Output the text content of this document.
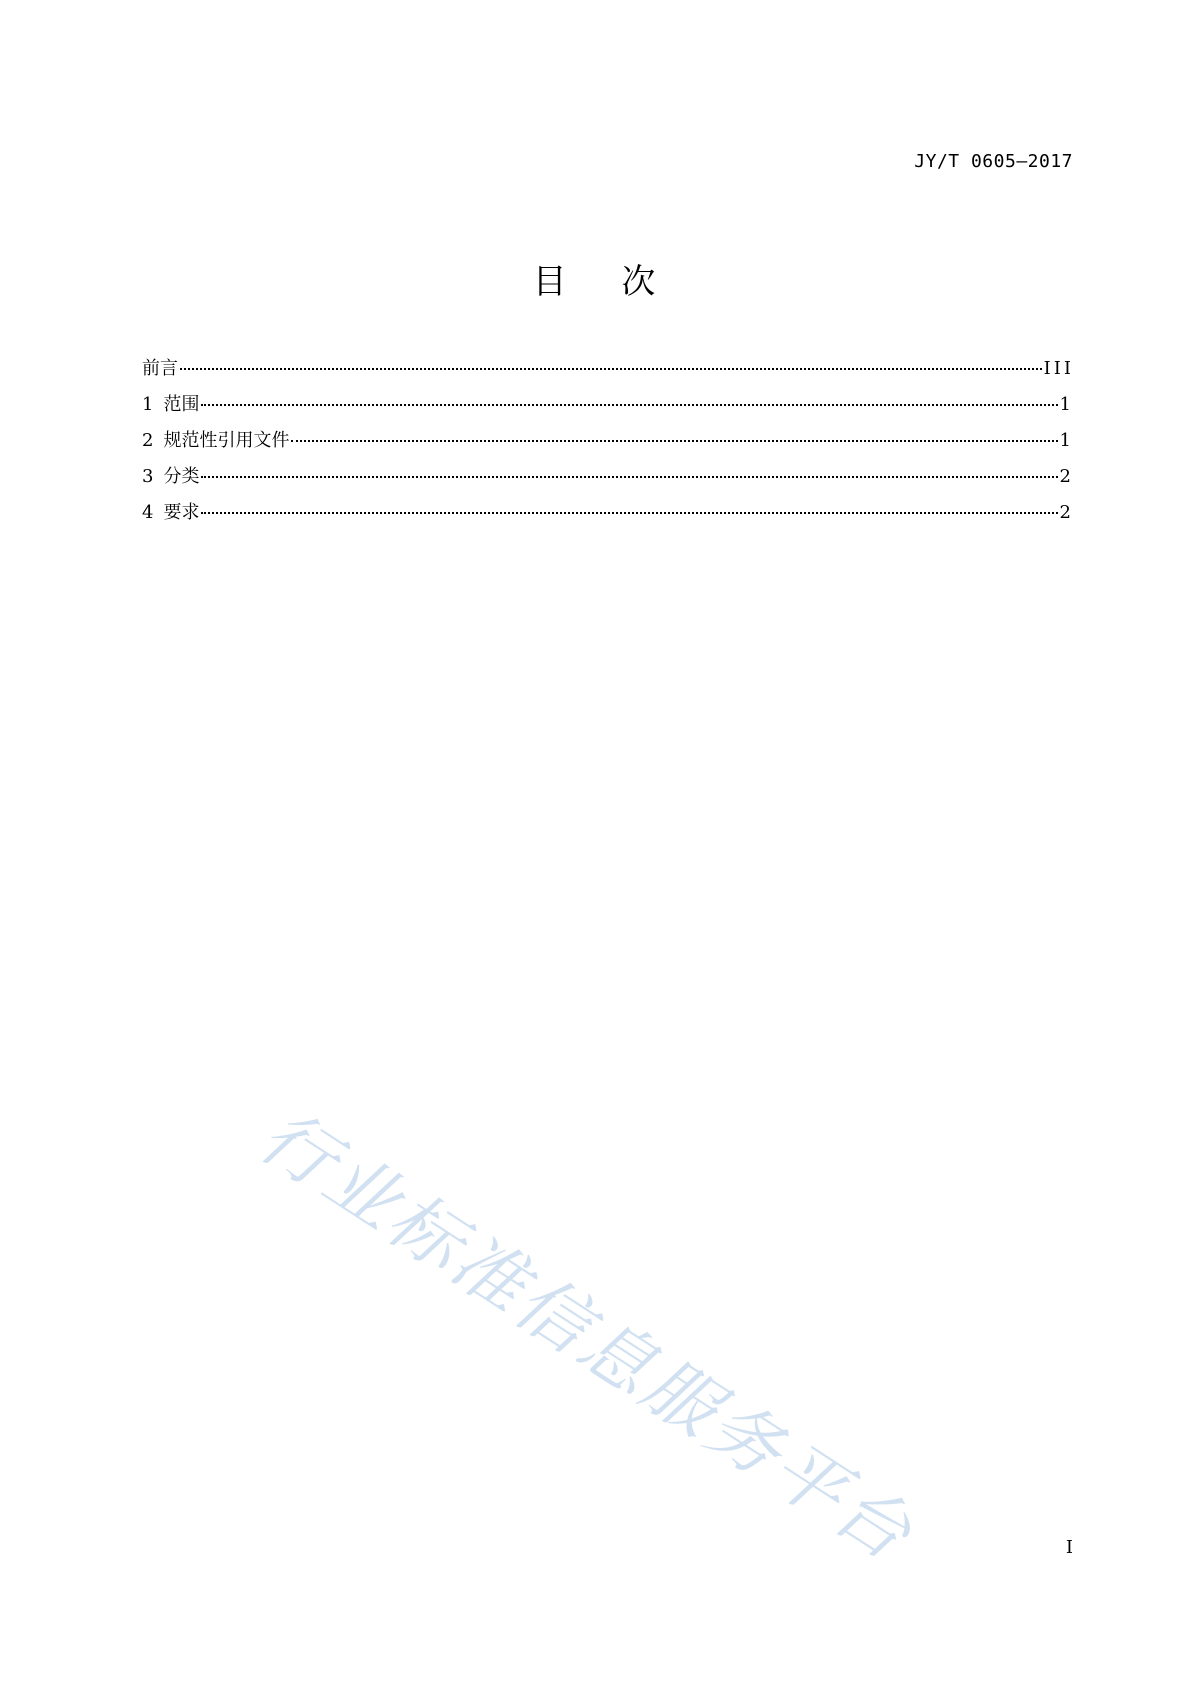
JY/T 0605—2017
目 次
前言	III
1 范围	1
2 规范性引用文件	1
3 分类	2
4 要求	2
行业标准信息服务平台	I
